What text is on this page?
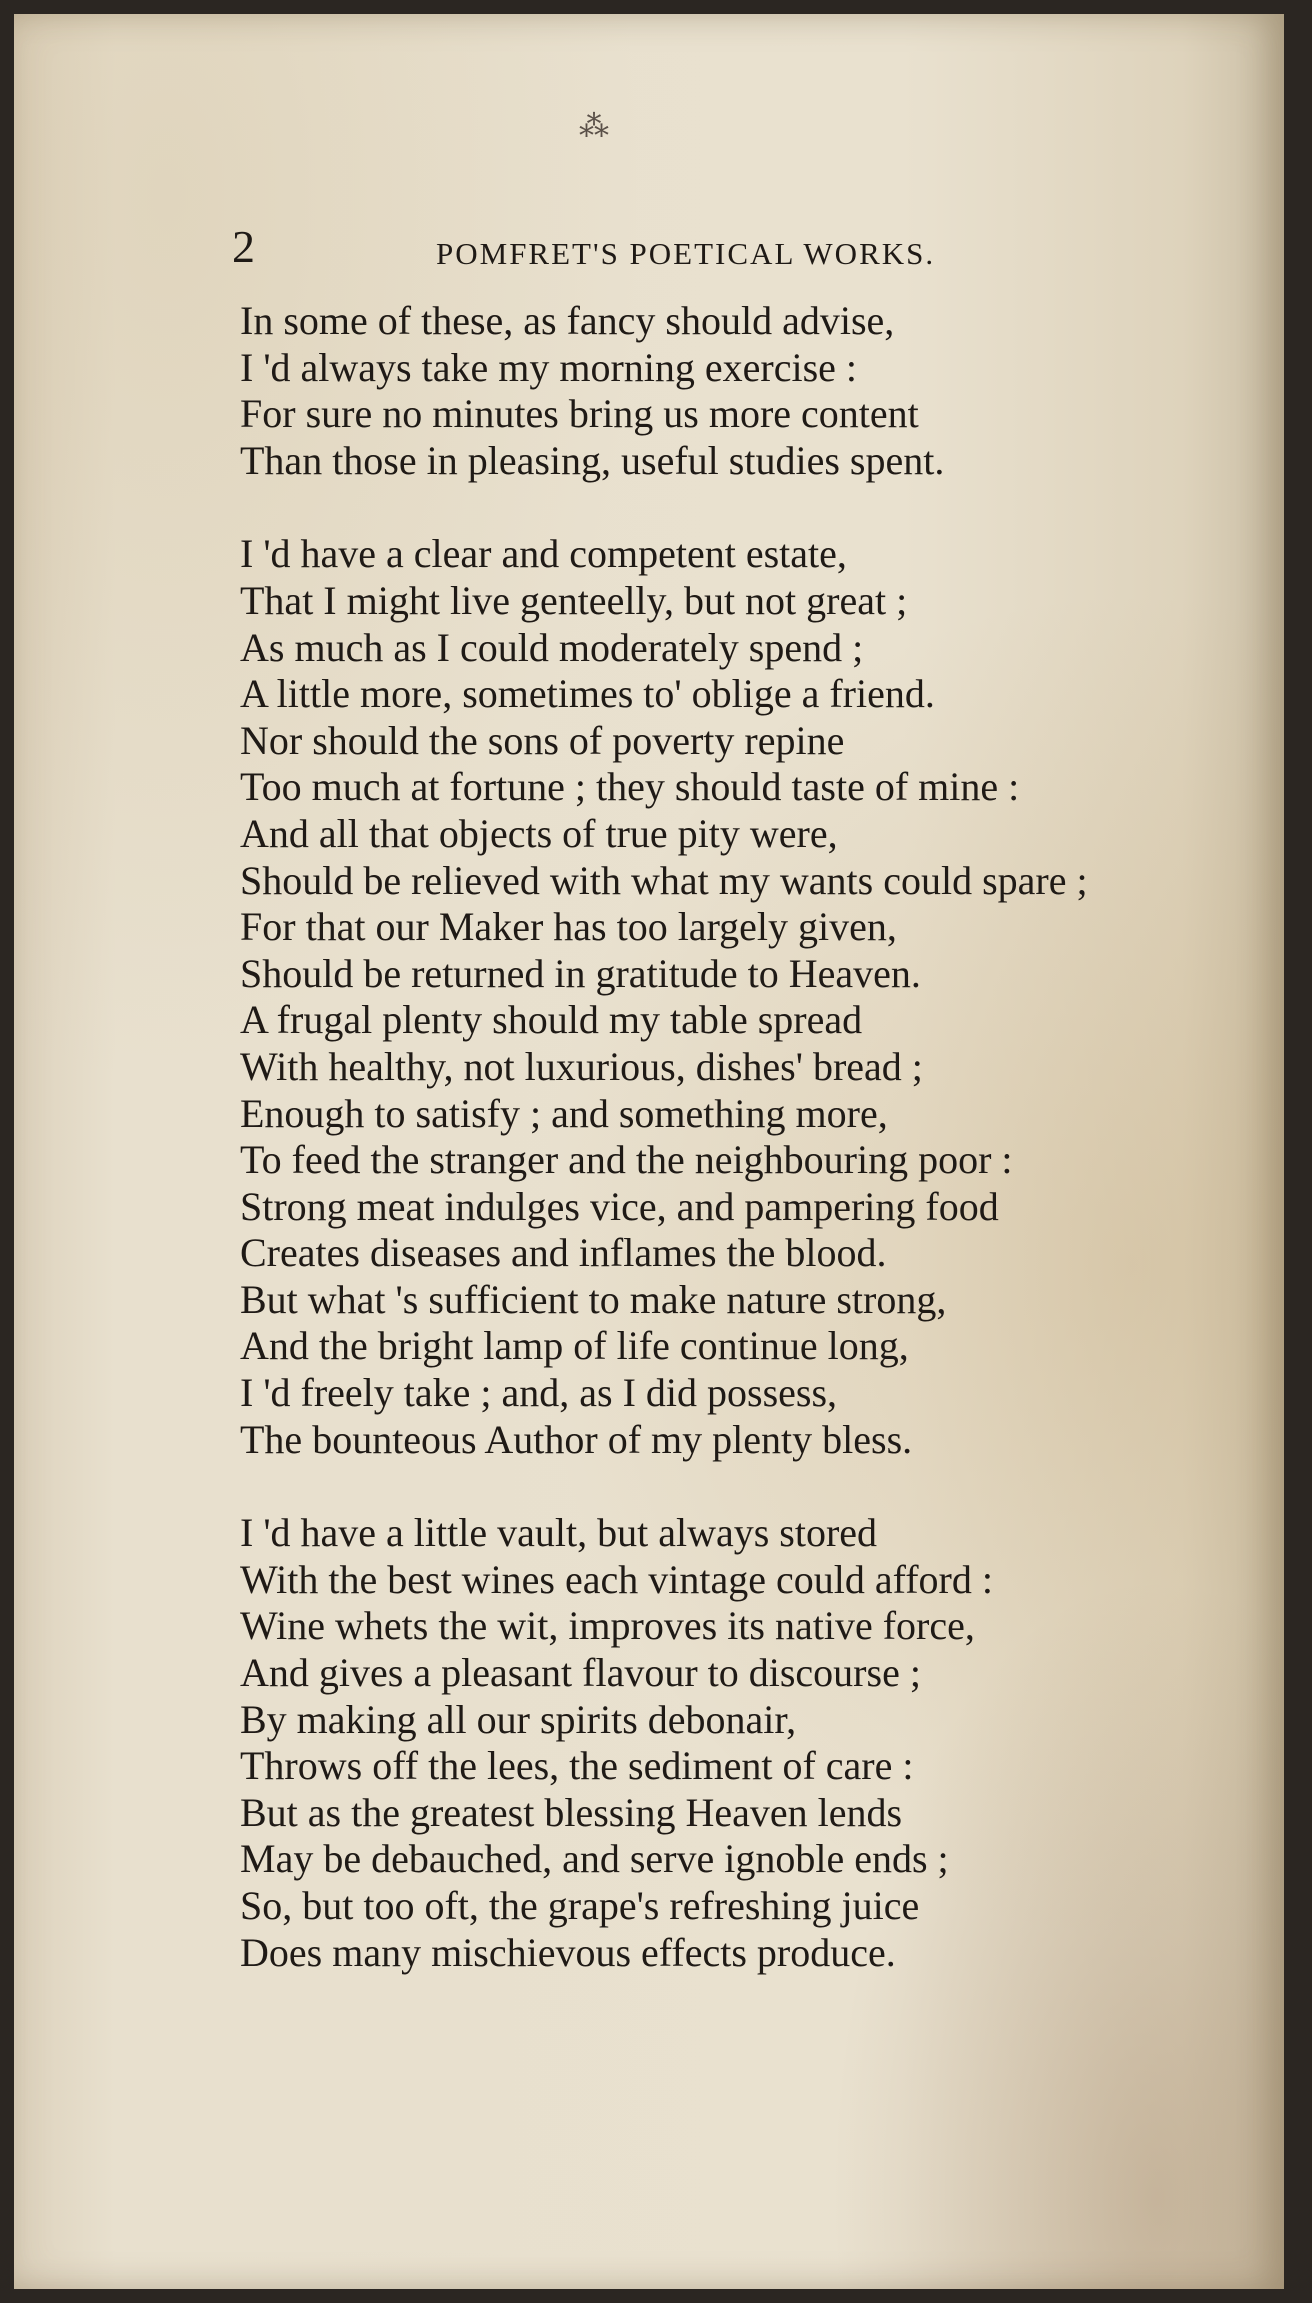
⁂
2	POMFRET'S POETICAL WORKS.
In some of these, as fancy should advise,
I 'd always take my morning exercise :
For sure no minutes bring us more content
Than those in pleasing, useful studies spent.
I 'd have a clear and competent estate,
That I might live genteelly, but not great ;
As much as I could moderately spend ;
A little more, sometimes to' oblige a friend.
Nor should the sons of poverty repine
Too much at fortune ; they should taste of mine :
And all that objects of true pity were,
Should be relieved with what my wants could spare ;
For that our Maker has too largely given,
Should be returned in gratitude to Heaven.
A frugal plenty should my table spread
With healthy, not luxurious, dishes' bread ;
Enough to satisfy ; and something more,
To feed the stranger and the neighbouring poor :
Strong meat indulges vice, and pampering food
Creates diseases and inflames the blood.
But what 's sufficient to make nature strong,
And the bright lamp of life continue long,
I 'd freely take ; and, as I did possess,
The bounteous Author of my plenty bless.
I 'd have a little vault, but always stored
With the best wines each vintage could afford :
Wine whets the wit, improves its native force,
And gives a pleasant flavour to discourse ;
By making all our spirits debonair,
Throws off the lees, the sediment of care :
But as the greatest blessing Heaven lends
May be debauched, and serve ignoble ends ;
So, but too oft, the grape's refreshing juice
Does many mischievous effects produce.
